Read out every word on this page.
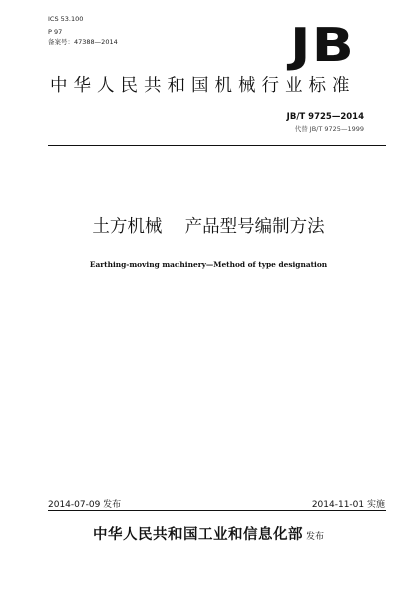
ICS 53.100
P 97
备案号：47388—2014	JB
中华人民共和国机械行业标准
JB/T 9725—2014
代替 JB/T 9725—1999
土方机械    产品型号编制方法
Earthing-moving machinery—Method of type designation
2014-07-09 发布	2014-11-01 实施
中华人民共和国工业和信息化部 发布
